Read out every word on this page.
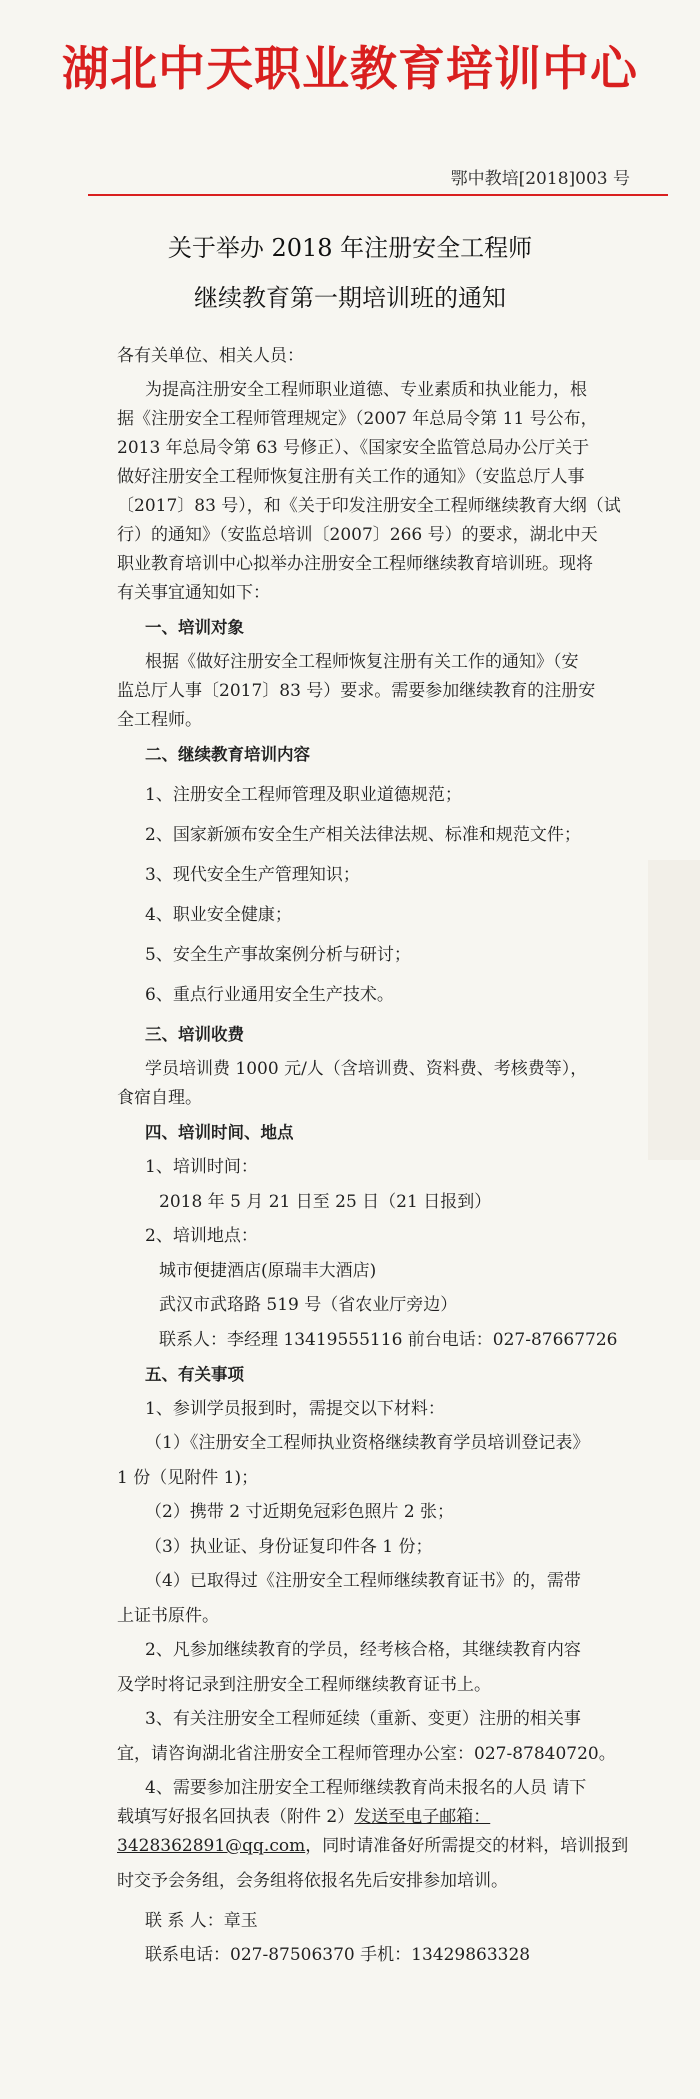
湖北中天职业教育培训中心
鄂中教培[2018]003 号
关于举办 2018 年注册安全工程师
继续教育第一期培训班的通知
各有关单位、相关人员：
为提高注册安全工程师职业道德、专业素质和执业能力，根
据《注册安全工程师管理规定》（2007 年总局令第 11 号公布，
2013 年总局令第 63 号修正）、《国家安全监管总局办公厅关于
做好注册安全工程师恢复注册有关工作的通知》（安监总厅人事
〔2017〕83 号），和《关于印发注册安全工程师继续教育大纲（试
行）的通知》（安监总培训〔2007〕266 号）的要求，湖北中天
职业教育培训中心拟举办注册安全工程师继续教育培训班。现将
有关事宜通知如下：
一、培训对象
根据《做好注册安全工程师恢复注册有关工作的通知》（安
监总厅人事〔2017〕83 号）要求。需要参加继续教育的注册安
全工程师。
二、继续教育培训内容
1、注册安全工程师管理及职业道德规范；
2、国家新颁布安全生产相关法律法规、标准和规范文件；
3、现代安全生产管理知识；
4、职业安全健康；
5、安全生产事故案例分析与研讨；
6、重点行业通用安全生产技术。
三、培训收费
学员培训费 1000 元/人（含培训费、资料费、考核费等），
食宿自理。
四、培训时间、地点
1、培训时间：
2018 年 5 月 21 日至 25 日（21 日报到）
2、培训地点：
城市便捷酒店(原瑞丰大酒店)
武汉市武珞路 519 号（省农业厅旁边）
联系人：李经理 13419555116 前台电话：027-87667726
五、有关事项
1、参训学员报到时，需提交以下材料：
（1）《注册安全工程师执业资格继续教育学员培训登记表》
1 份（见附件 1)；
（2）携带 2 寸近期免冠彩色照片 2 张；
（3）执业证、身份证复印件各 1 份；
（4）已取得过《注册安全工程师继续教育证书》的，需带
上证书原件。
2、凡参加继续教育的学员，经考核合格，其继续教育内容
及学时将记录到注册安全工程师继续教育证书上。
3、有关注册安全工程师延续（重新、变更）注册的相关事
宜，请咨询湖北省注册安全工程师管理办公室：027-87840720。
4、需要参加注册安全工程师继续教育尚未报名的人员 请下
载填写好报名回执表（附件 2）发送至电子邮箱：
3428362891@qq.com，同时请准备好所需提交的材料，培训报到
时交予会务组，会务组将依报名先后安排参加培训。
联 系 人：章玉
联系电话：027-87506370 手机：13429863328
